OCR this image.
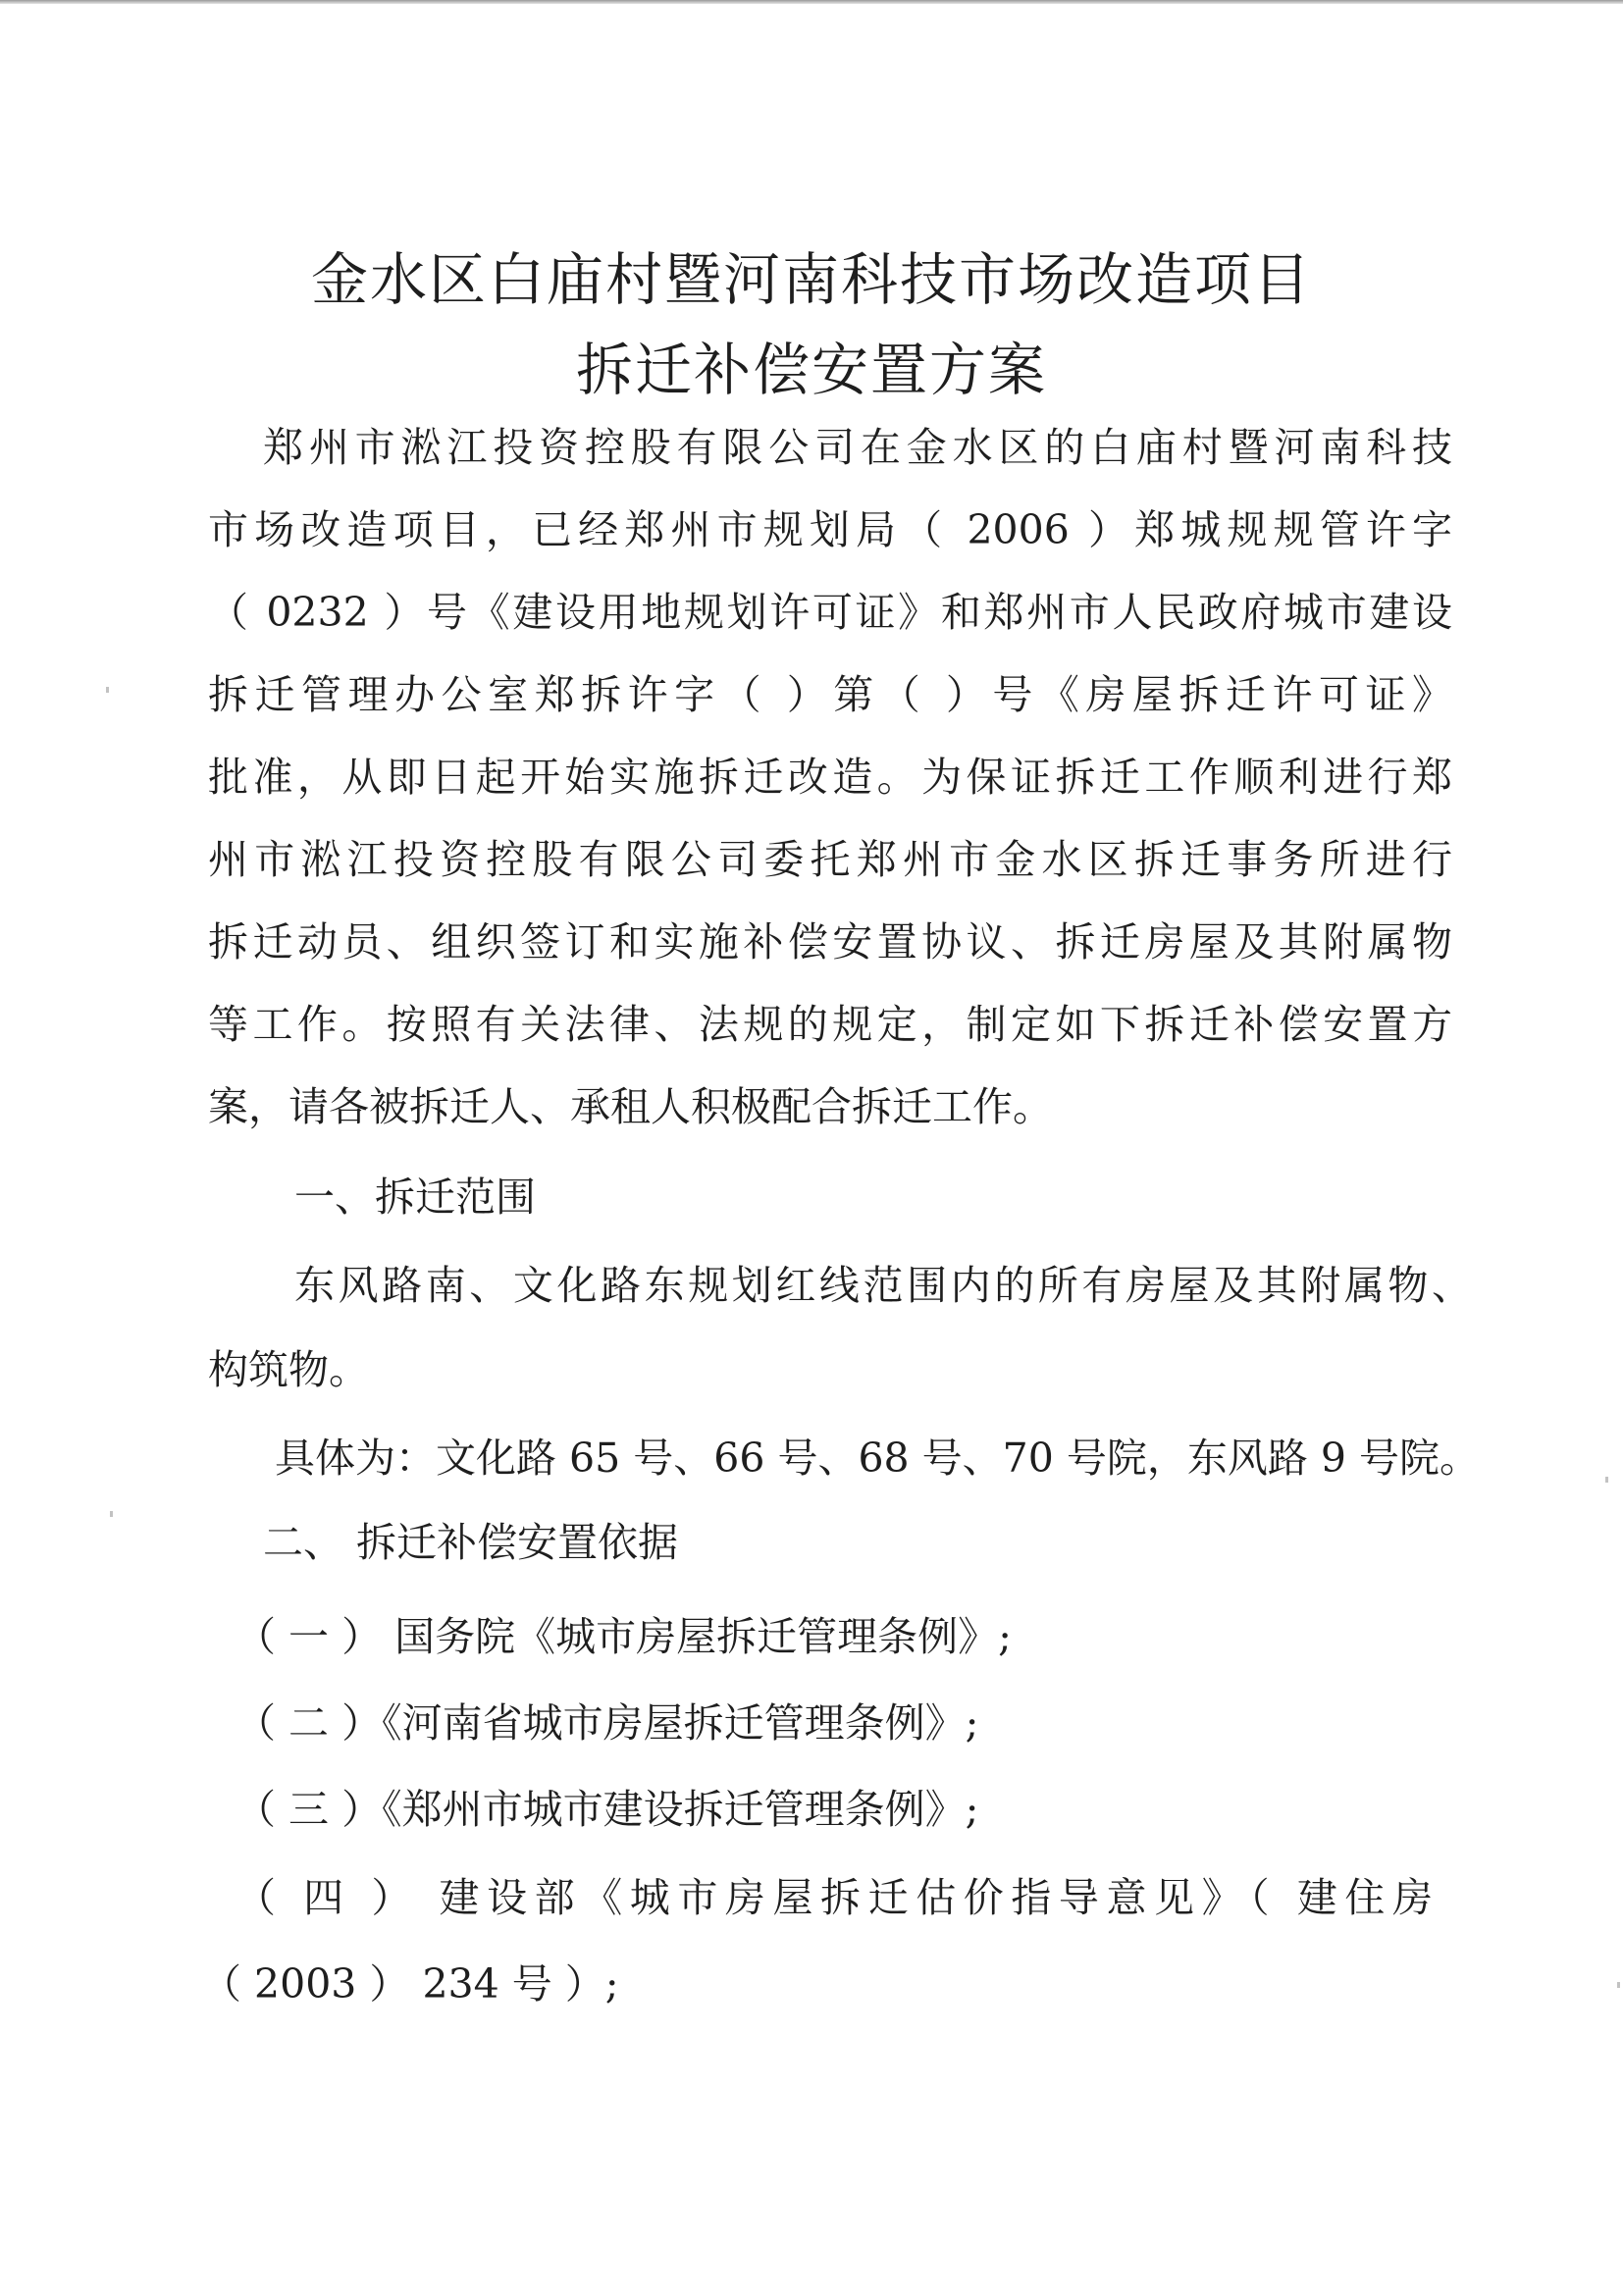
金水区白庙村暨河南科技市场改造项目
拆迁补偿安置方案
郑州市淞江投资控股有限公司在金水区的白庙村暨河南科技
市场改造项目，已经郑州市规划局（ 2006 ）郑城规规管许字
（ 0232 ）号《建设用地规划许可证》和郑州市人民政府城市建设
拆迁管理办公室郑拆许字（ ）第（ ）号《房屋拆迁许可证》
批准，从即日起开始实施拆迁改造。为保证拆迁工作顺利进行郑
州市淞江投资控股有限公司委托郑州市金水区拆迁事务所进行
拆迁动员、组织签订和实施补偿安置协议、拆迁房屋及其附属物
等工作。按照有关法律、法规的规定，制定如下拆迁补偿安置方
案，请各被拆迁人、承租人积极配合拆迁工作。
一、拆迁范围
东风路南、文化路东规划红线范围内的所有房屋及其附属物、
构筑物。
具体为：文化路 65 号、66 号、68 号、70 号院，东风路 9 号院。
二、 拆迁补偿安置依据
（ 一 ） 国务院《城市房屋拆迁管理条例》;
（ 二 ）《河南省城市房屋拆迁管理条例》;
（ 三 ）《郑州市城市建设拆迁管理条例》;
（ 四 ） 建设部《城市房屋拆迁估价指导意见》（ 建住房
（ 2003 ） 234 号 ）;
